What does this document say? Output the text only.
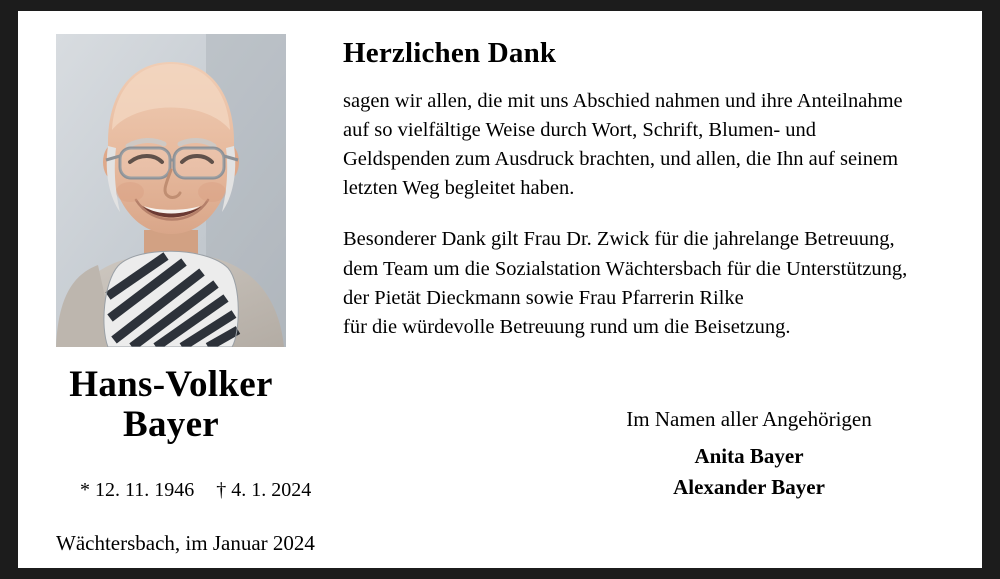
Hans-Volker
Bayer

* 12. 11. 1946 † 4. 1. 2024

Wächtersbach, im Januar 2024
Herzlichen Dank
sagen wir allen, die mit uns Abschied nahmen und ihre Anteilnahme
auf so vielfältige Weise durch Wort, Schrift, Blumen- und
Geldspenden zum Ausdruck brachten, und allen, die Ihn auf seinem
letzten Weg begleitet haben.
Besonderer Dank gilt Frau Dr. Zwick für die jahrelange Betreuung,
dem Team um die Sozialstation Wächtersbach für die Unterstützung,
der Pietät Dieckmann sowie Frau Pfarrerin Rilke
für die würdevolle Betreuung rund um die Beisetzung.
Im Namen aller Angehörigen
Anita Bayer
Alexander Bayer
